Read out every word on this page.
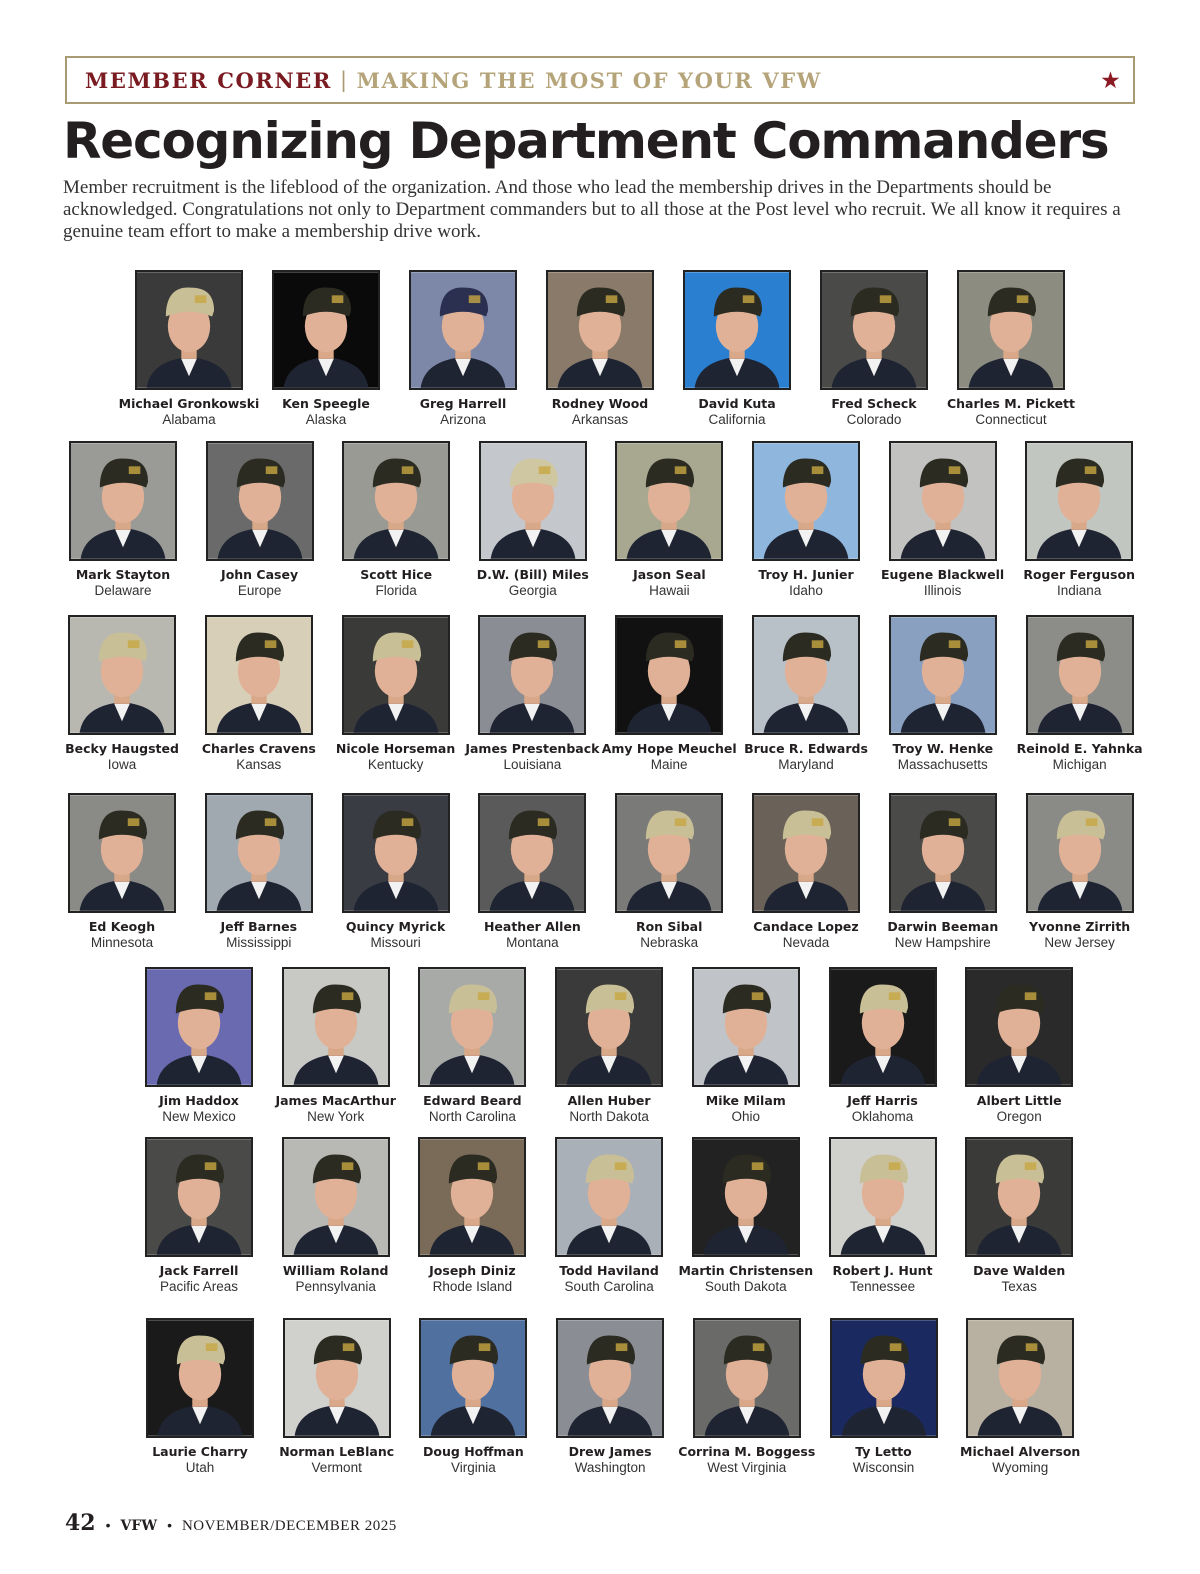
MEMBER CORNER | MAKING THE MOST OF YOUR VFW	★
Recognizing Department Commanders

Member recruitment is the lifeblood of the organization. And those who lead the membership drives in the Departments should be acknowledged. Congratulations not only to Department commanders but to all those at the Post level who recruit. We all know it requires a genuine team effort to make a membership drive work.

Michael Gronkowski
Alabama
Ken Speegle
Alaska
Greg Harrell
Arizona
Rodney Wood
Arkansas
David Kuta
California
Fred Scheck
Colorado
Charles M. Pickett
Connecticut
Mark Stayton
Delaware
John Casey
Europe
Scott Hice
Florida
D.W. (Bill) Miles
Georgia
Jason Seal
Hawaii
Troy H. Junier
Idaho
Eugene Blackwell
Illinois
Roger Ferguson
Indiana
Becky Haugsted
Iowa
Charles Cravens
Kansas
Nicole Horseman
Kentucky
James Prestenback
Louisiana
Amy Hope Meuchel
Maine
Bruce R. Edwards
Maryland
Troy W. Henke
Massachusetts
Reinold E. Yahnka
Michigan
Ed Keogh
Minnesota
Jeff Barnes
Mississippi
Quincy Myrick
Missouri
Heather Allen
Montana
Ron Sibal
Nebraska
Candace Lopez
Nevada
Darwin Beeman
New Hampshire
Yvonne Zirrith
New Jersey
Jim Haddox
New Mexico
James MacArthur
New York
Edward Beard
North Carolina
Allen Huber
North Dakota
Mike Milam
Ohio
Jeff Harris
Oklahoma
Albert Little
Oregon
Jack Farrell
Pacific Areas
William Roland
Pennsylvania
Joseph Diniz
Rhode Island
Todd Haviland
South Carolina
Martin Christensen
South Dakota
Robert J. Hunt
Tennessee
Dave Walden
Texas
Laurie Charry
Utah
Norman LeBlanc
Vermont
Doug Hoffman
Virginia
Drew James
Washington
Corrina M. Boggess
West Virginia
Ty Letto
Wisconsin
Michael Alverson
Wyoming
42 • VFW • NOVEMBER/DECEMBER 2025
